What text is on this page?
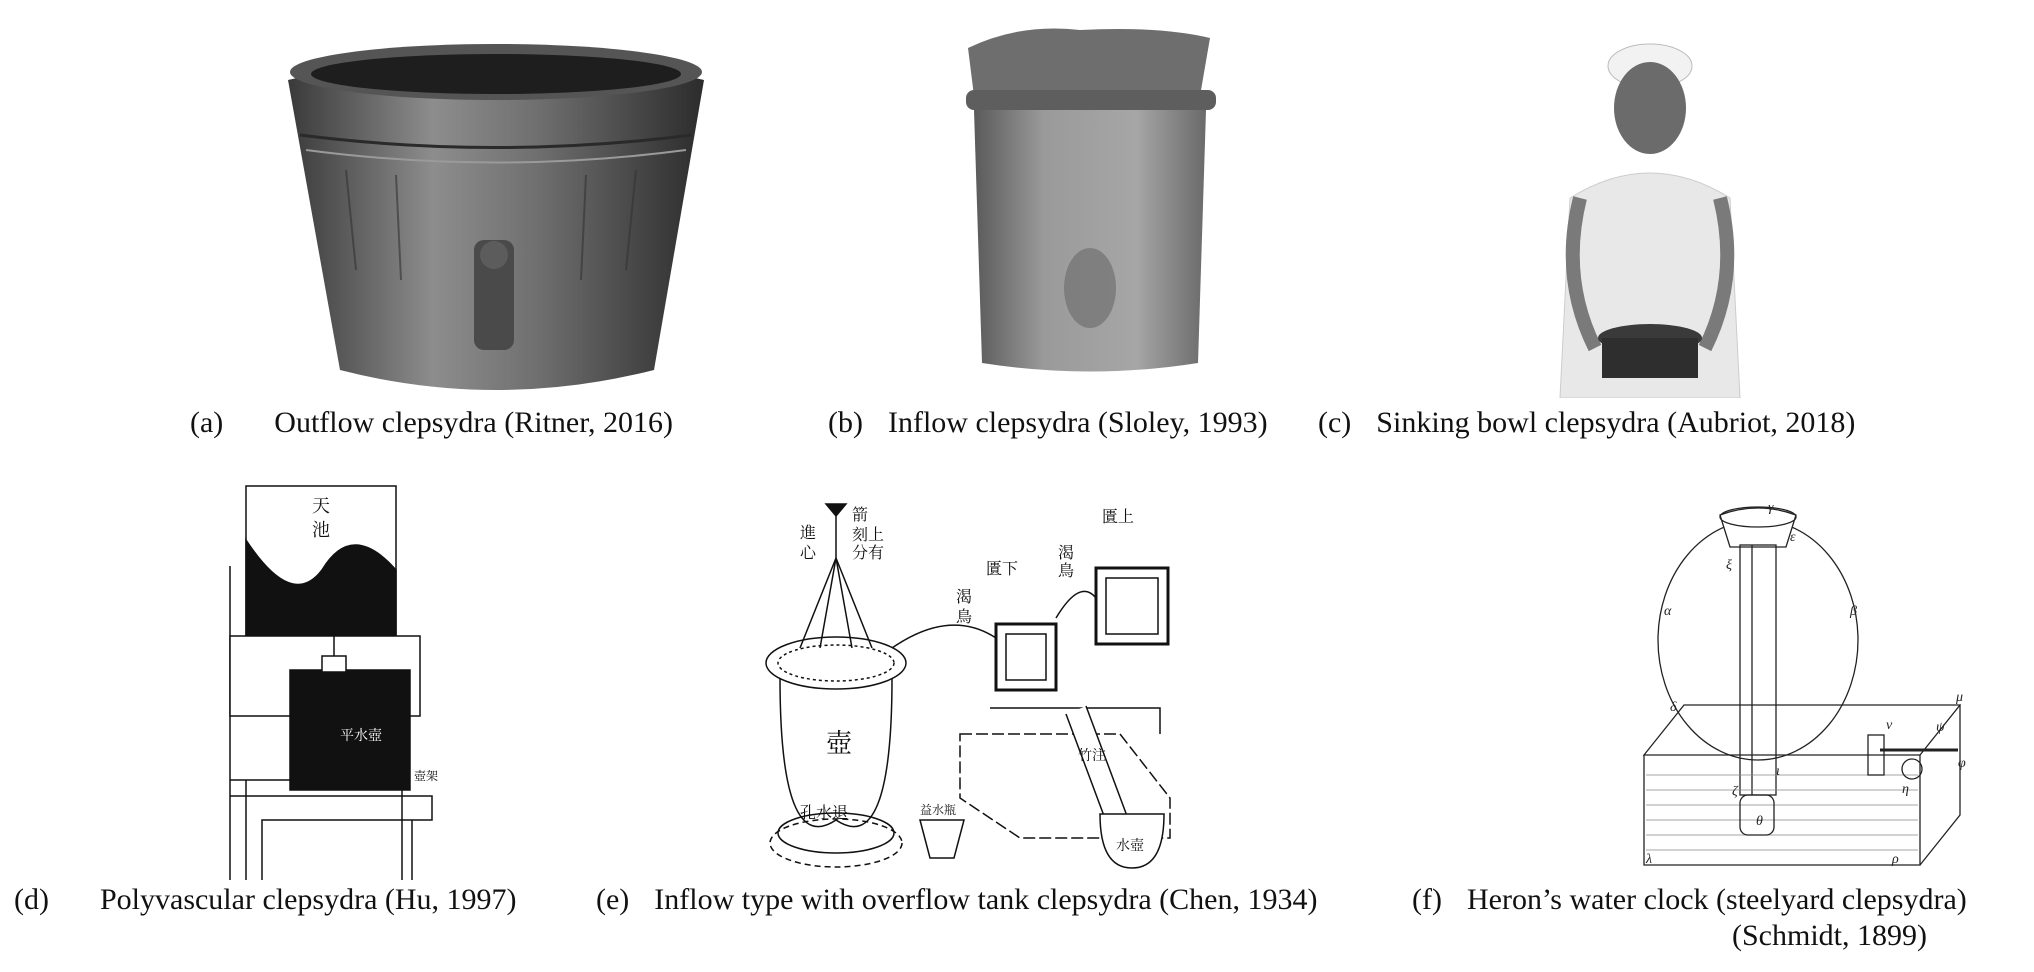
(a) Outflow clepsydra (Ritner, 2016)	(b) Inflow clepsydra (Sloley, 1993) (c) Sinking bowl clepsydra (Aubriot, 2018)
天
池
平水壺
壺架
(d) Polyvascular clepsydra (Hu, 1997)
箭
刻上
分有
進
心
壺
孔水退	益水瓶
渴
鳥
匱下
匱上
渴
鳥
竹注
水壺
(e) Inflow type with overflow tank clepsydra (Chen, 1934)
γ
α	β
ξ
δ
ε
μ
ν
ζ
θ
φ
η
λ	ρ
ψ
ι
(f) Heron’s water clock (steelyard clepsydra)
(Schmidt, 1899)
